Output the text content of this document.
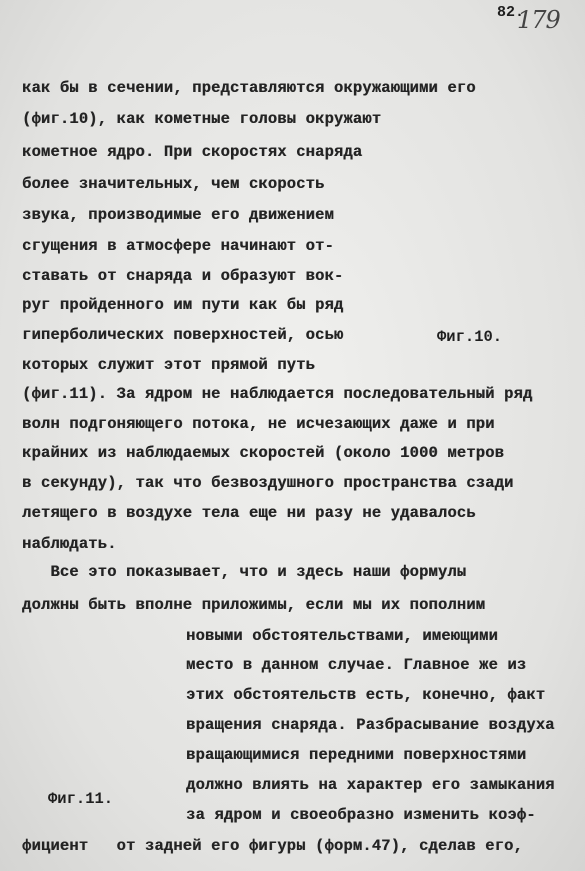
82.
179
как бы в сечении, представляются окружающими его
(фиг.10), как кометные головы окружают
кометное ядро. При скоростях снаряда
более значительных, чем скорость
звука, производимые его движением
сгущения в атмосфере начинают от-
ставать от снаряда и образуют вок-
руг пройденного им пути как бы ряд
гиперболических поверхностей, осью	Фиг.10.
которых служит этот прямой путь
(фиг.11). За ядром не наблюдается последовательный ряд
волн подгоняющего потока, не исчезающих даже и при
крайних из наблюдаемых скоростей (около 1000 метров
в секунду), так что безвоздушного пространства сзади
летящего в воздухе тела еще ни разу не удавалось
наблюдать.
Все это показывает, что и здесь наши формулы
должны быть вполне приложимы, если мы их пополним
новыми обстоятельствами, имеющими
место в данном случае. Главное же из
этих обстоятельств есть, конечно, факт
вращения снаряда. Разбрасывание воздуха
вращающимися передними поверхностями
должно влиять на характер его замыкания
Фиг.11.
за ядром и своеобразно изменить коэф-
фициент   от задней его фигуры (форм.47), сделав его,
